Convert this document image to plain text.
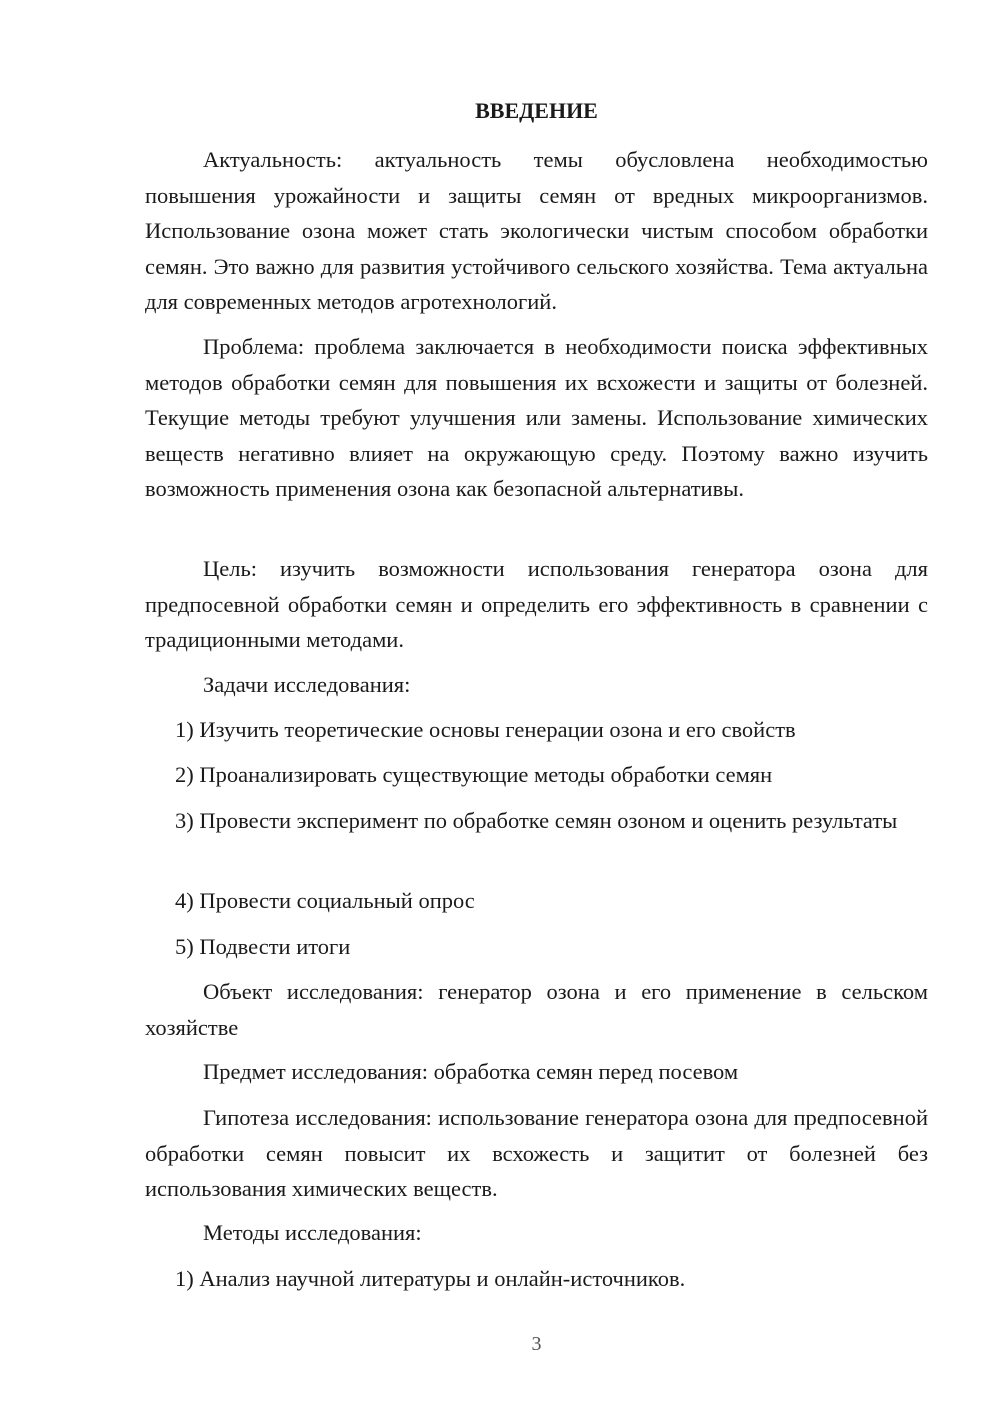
ВВЕДЕНИЕ

Актуальность: актуальность темы обусловлена необходимостью повышения урожайности и защиты семян от вредных микроорганизмов. Использование озона может стать экологически чистым способом обработки семян. Это важно для развития устойчивого сельского хозяйства. Тема актуальна для современных методов агротехнологий.

Проблема: проблема заключается в необходимости поиска эффективных методов обработки семян для повышения их всхожести и защиты от болезней. Текущие методы требуют улучшения или замены. Использование химических веществ негативно влияет на окружающую среду. Поэтому важно изучить возможность применения озона как безопасной альтернативы.

Цель: изучить возможности использования генератора озона для предпосевной обработки семян и определить его эффективность в сравнении с традиционными методами.

Задачи исследования:

1) Изучить теоретические основы генерации озона и его свойств

2) Проанализировать существующие методы обработки семян

3) Провести эксперимент по обработке семян озоном и оценить результаты

4) Провести социальный опрос

5) Подвести итоги

Объект исследования: генератор озона и его применение в сельском хозяйстве

Предмет исследования: обработка семян перед посевом

Гипотеза исследования: использование генератора озона для предпосевной обработки семян повысит их всхожесть и защитит от болезней без использования химических веществ.

Методы исследования:

1) Анализ научной литературы и онлайн-источников.

3
